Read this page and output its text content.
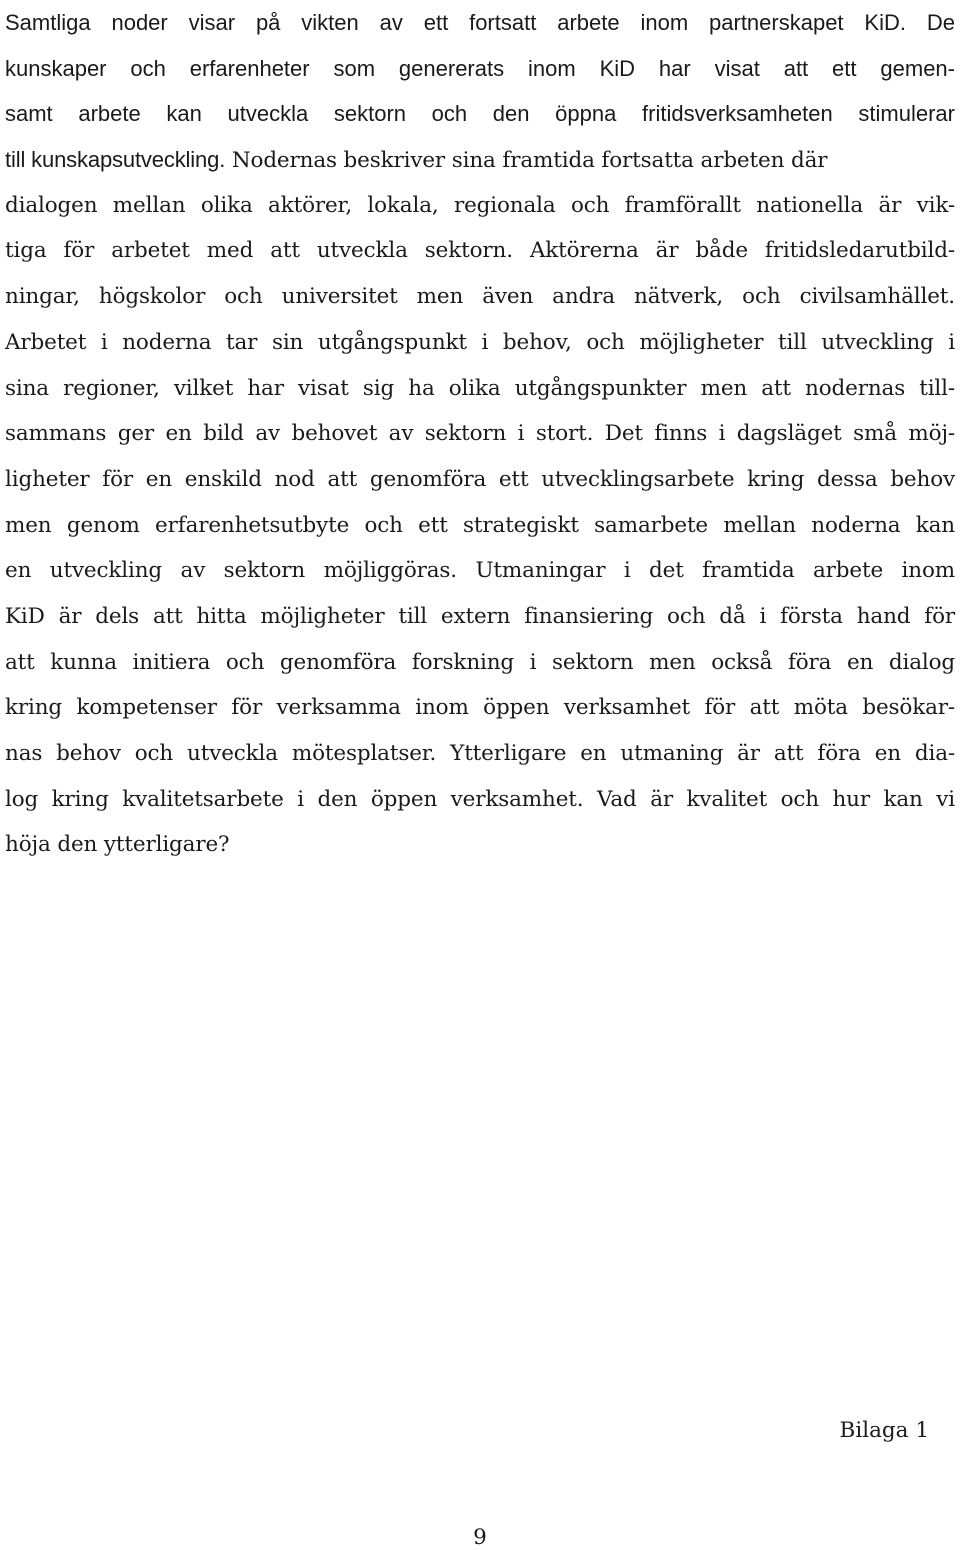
Samtliga noder visar på vikten av ett fortsatt arbete inom partnerskapet KiD. De
kunskaper och erfarenheter som genererats inom KiD har visat att ett gemen-
samt arbete kan utveckla sektorn och den öppna fritidsverksamheten stimulerar
till kunskapsutveckling. Nodernas beskriver sina framtida fortsatta arbeten där
dialogen mellan olika aktörer, lokala, regionala och framförallt nationella är vik-
tiga för arbetet med att utveckla sektorn. Aktörerna är både fritidsledarutbild-
ningar, högskolor och universitet men även andra nätverk, och civilsamhället.
Arbetet i noderna tar sin utgångspunkt i behov, och möjligheter till utveckling i
sina regioner, vilket har visat sig ha olika utgångspunkter men att nodernas till-
sammans ger en bild av behovet av sektorn i stort. Det finns i dagsläget små möj-
ligheter för en enskild nod att genomföra ett utvecklingsarbete kring dessa behov
men genom erfarenhetsutbyte och ett strategiskt samarbete mellan noderna kan
en utveckling av sektorn möjliggöras. Utmaningar i det framtida arbete inom
KiD är dels att hitta möjligheter till extern finansiering och då i första hand för
att kunna initiera och genomföra forskning i sektorn men också föra en dialog
kring kompetenser för verksamma inom öppen verksamhet för att möta besökar-
nas behov och utveckla mötesplatser. Ytterligare en utmaning är att föra en dia-
log kring kvalitetsarbete i den öppen verksamhet. Vad är kvalitet och hur kan vi
höja den ytterligare?
Bilaga 1
9
